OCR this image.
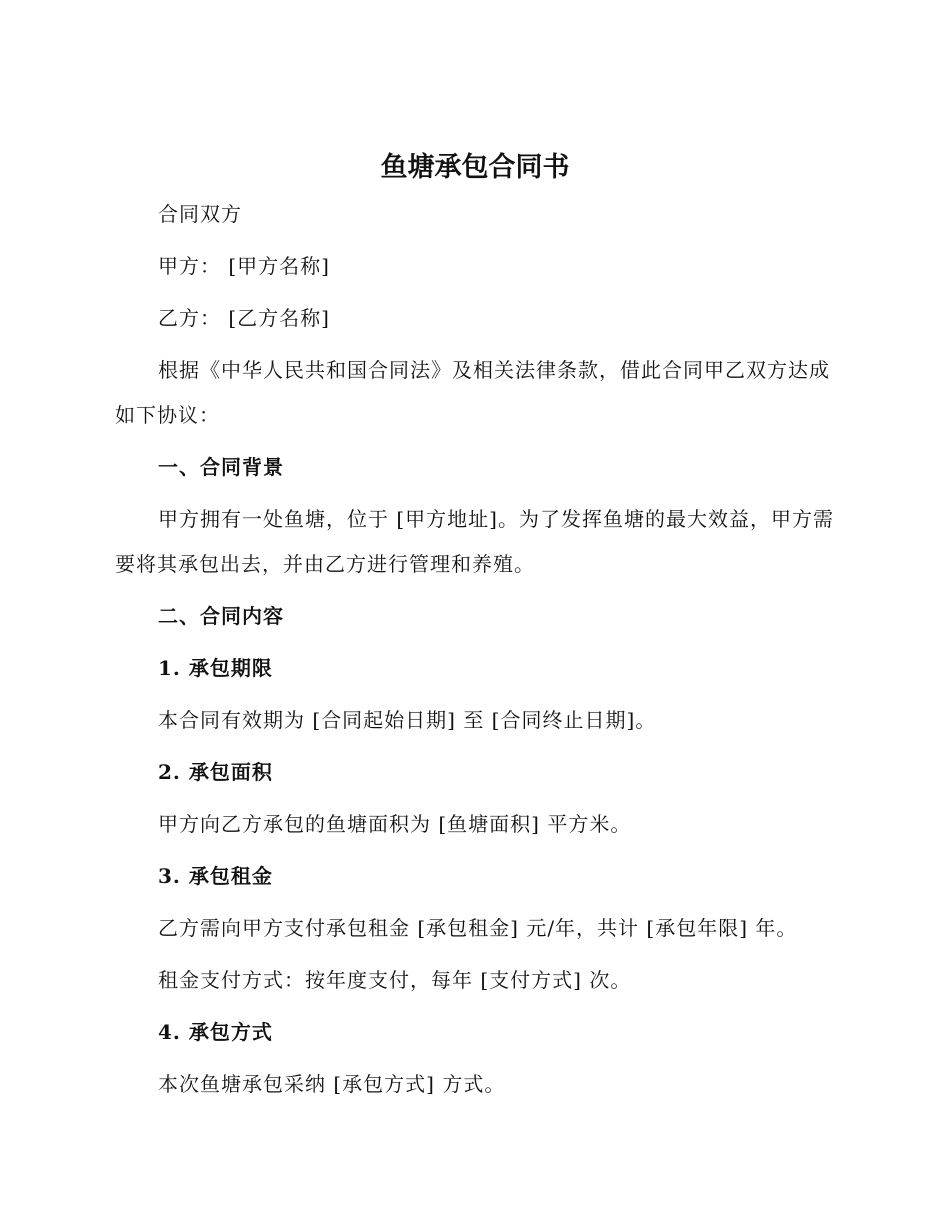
鱼塘承包合同书

合同双方

甲方： [甲方名称]

乙方： [乙方名称]

根据《中华人民共和国合同法》及相关法律条款，借此合同甲乙双方达成如下协议：

一、合同背景

甲方拥有一处鱼塘，位于 [甲方地址]。为了发挥鱼塘的最大效益，甲方需要将其承包出去，并由乙方进行管理和养殖。

二、合同内容

1. 承包期限

本合同有效期为 [合同起始日期] 至 [合同终止日期]。

2. 承包面积

甲方向乙方承包的鱼塘面积为 [鱼塘面积] 平方米。

3. 承包租金

乙方需向甲方支付承包租金 [承包租金] 元/年，共计 [承包年限] 年。

租金支付方式：按年度支付，每年 [支付方式] 次。

4. 承包方式

本次鱼塘承包采纳 [承包方式] 方式。
